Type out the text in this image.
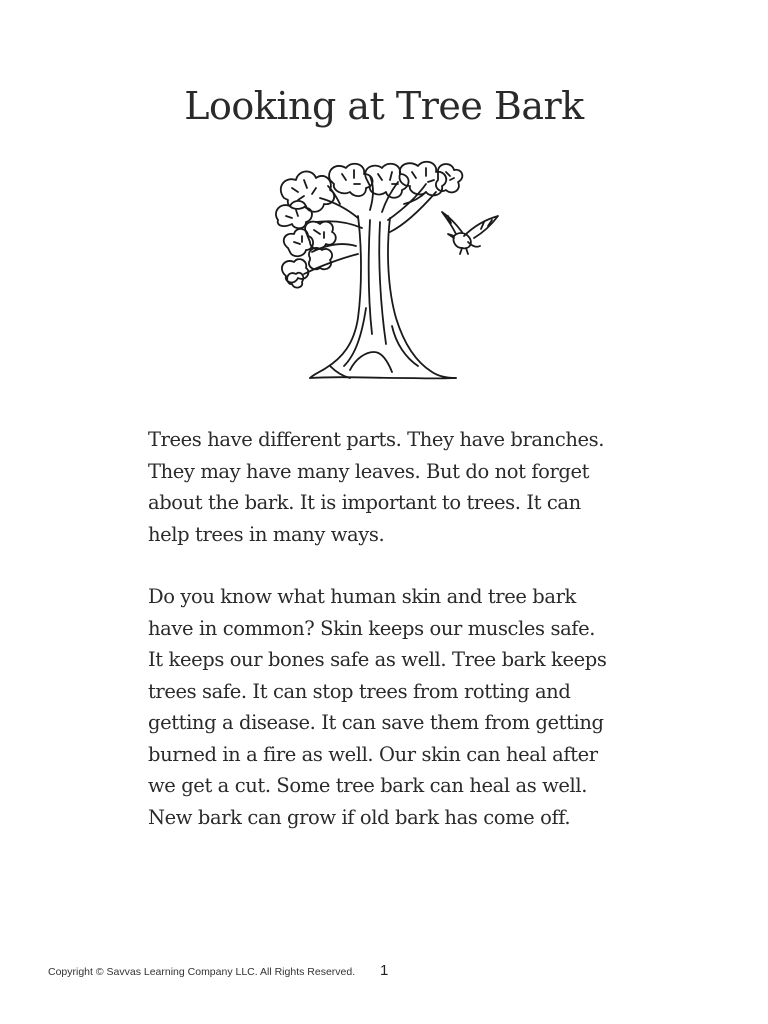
Looking at Tree Bark

Trees have different parts. They have branches.
They may have many leaves. But do not forget
about the bark. It is important to trees. It can
help trees in many ways.

Do you know what human skin and tree bark
have in common? Skin keeps our muscles safe.
It keeps our bones safe as well. Tree bark keeps
trees safe. It can stop trees from rotting and
getting a disease. It can save them from getting
burned in a fire as well. Our skin can heal after
we get a cut. Some tree bark can heal as well.
New bark can grow if old bark has come off.

Copyright © Savvas Learning Company LLC. All Rights Reserved. 1
